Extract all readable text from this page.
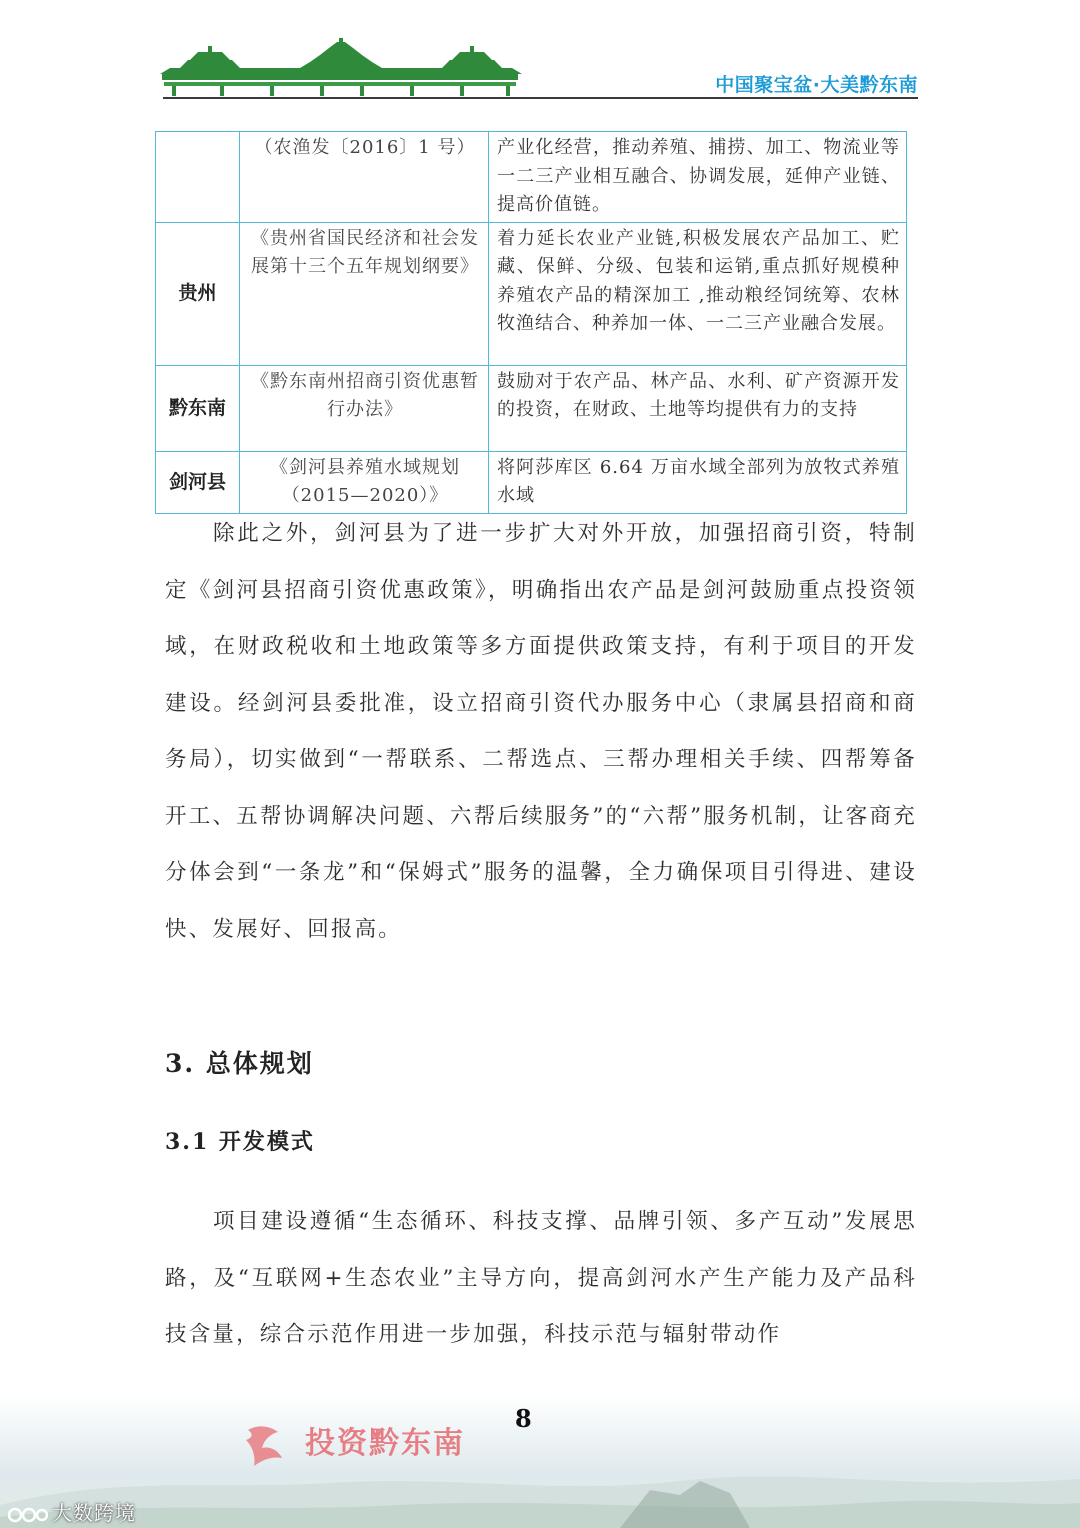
中国聚宝盆·大美黔东南
	（农渔发〔2016〕1 号）	产业化经营，推动养殖、捕捞、加工、物流业等一二三产业相互融合、协调发展，延伸产业链、提高价值链。
贵州	《贵州省国民经济和社会发展第十三个五年规划纲要》	着力延长农业产业链,积极发展农产品加工、贮藏、保鲜、分级、包装和运销,重点抓好规模种养殖农产品的精深加工 ,推动粮经饲统筹、农林牧渔结合、种养加一体、一二三产业融合发展。
黔东南	《黔东南州招商引资优惠暂行办法》	鼓励对于农产品、林产品、水利、矿产资源开发的投资，在财政、土地等均提供有力的支持
剑河县	《剑河县养殖水域规划（2015—2020）》	将阿莎库区 6.64 万亩水域全部列为放牧式养殖水域

除此之外，剑河县为了进一步扩大对外开放，加强招商引资，特制定《剑河县招商引资优惠政策》，明确指出农产品是剑河鼓励重点投资领域，在财政税收和土地政策等多方面提供政策支持，有利于项目的开发建设。经剑河县委批准，设立招商引资代办服务中心（隶属县招商和商务局），切实做到“一帮联系、二帮选点、三帮办理相关手续、四帮筹备开工、五帮协调解决问题、六帮后续服务”的“六帮”服务机制，让客商充分体会到“一条龙”和“保姆式”服务的温馨，全力确保项目引得进、建设快、发展好、回报高。

3. 总体规划
3.1 开发模式

项目建设遵循“生态循环、科技支撑、品牌引领、多产互动”发展思路，及“互联网+生态农业”主导方向，提高剑河水产生产能力及产品科技含量，综合示范作用进一步加强，科技示范与辐射带动作

8
投资黔东南
大数跨境
